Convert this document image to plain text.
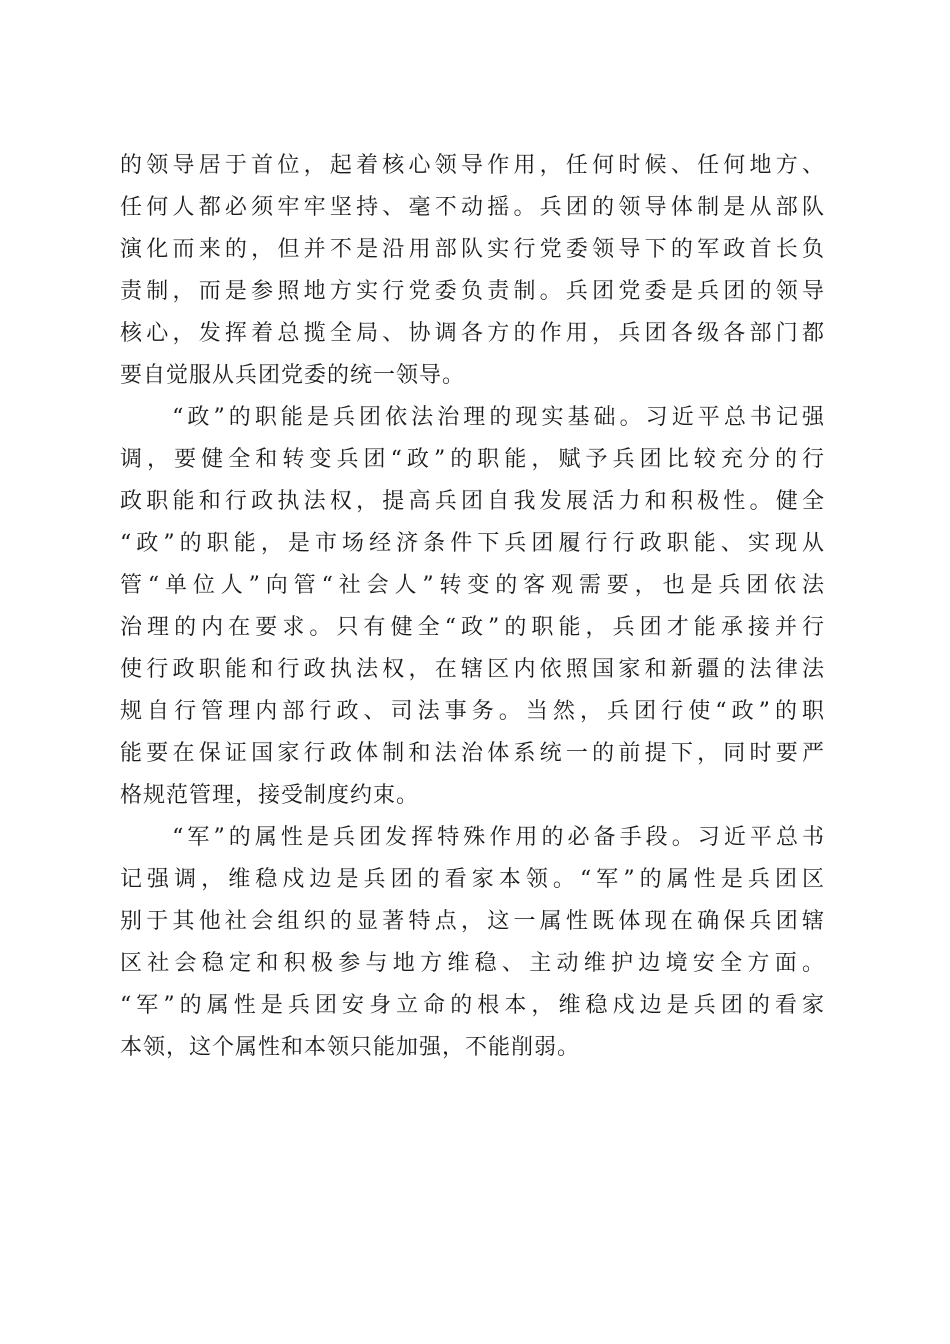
的领导居于首位，起着核心领导作用，任何时候、任何地方、
任何人都必须牢牢坚持、毫不动摇。兵团的领导体制是从部队
演化而来的，但并不是沿用部队实行党委领导下的军政首长负
责制，而是参照地方实行党委负责制。兵团党委是兵团的领导
核心，发挥着总揽全局、协调各方的作用，兵团各级各部门都
要自觉服从兵团党委的统一领导。
　　“政”的职能是兵团依法治理的现实基础。习近平总书记强
调，要健全和转变兵团“政”的职能，赋予兵团比较充分的行
政职能和行政执法权，提高兵团自我发展活力和积极性。健全
“政”的职能，是市场经济条件下兵团履行行政职能、实现从
管“单位人”向管“社会人”转变的客观需要，也是兵团依法
治理的内在要求。只有健全“政”的职能，兵团才能承接并行
使行政职能和行政执法权，在辖区内依照国家和新疆的法律法
规自行管理内部行政、司法事务。当然，兵团行使“政”的职
能要在保证国家行政体制和法治体系统一的前提下，同时要严
格规范管理，接受制度约束。
　　“军”的属性是兵团发挥特殊作用的必备手段。习近平总书
记强调，维稳戍边是兵团的看家本领。“军”的属性是兵团区
别于其他社会组织的显著特点，这一属性既体现在确保兵团辖
区社会稳定和积极参与地方维稳、主动维护边境安全方面。
“军”的属性是兵团安身立命的根本，维稳戍边是兵团的看家
本领，这个属性和本领只能加强，不能削弱。
